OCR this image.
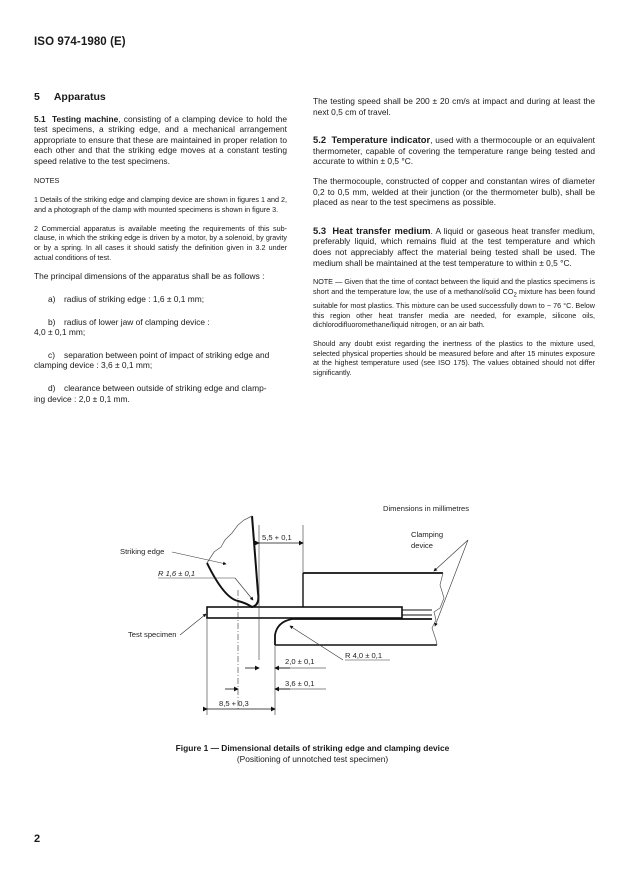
ISO 974-1980 (E)
5 Apparatus

5.1 Testing machine, consisting of a clamping device to hold the test specimens, a striking edge, and a mechanical arrangement appropriate to ensure that these are maintained in proper relation to each other and that the striking edge moves at a constant testing speed relative to the test specimens.

NOTES

1 Details of the striking edge and clamping device are shown in figures 1 and 2, and a photograph of the clamp with mounted specimens is shown in figure 3.

2 Commercial apparatus is available meeting the requirements of this sub-clause, in which the striking edge is driven by a motor, by a solenoid, by gravity or by a spring. In all cases it should satisfy the definition given in 3.2 under actual conditions of test.

The principal dimensions of the apparatus shall be as follows :

a) radius of striking edge : 1,6 ± 0,1 mm;
b) radius of lower jaw of clamping device :
4,0 ± 0,1 mm;
c) separation between point of impact of striking edge and
clamping device : 3,6 ± 0,1 mm;
d) clearance between outside of striking edge and clamp-
ing device : 2,0 ± 0,1 mm.

The testing speed shall be 200 ± 20 cm/s at impact and during at least the next 0,5 cm of travel.

5.2 Temperature indicator, used with a thermocouple or an equivalent thermometer, capable of covering the temperature range being tested and accurate to within ± 0,5 °C.

The thermocouple, constructed of copper and constantan wires of diameter 0,2 to 0,5 mm, welded at their junction (or the thermometer bulb), shall be placed as near to the test specimens as possible.

5.3 Heat transfer medium. A liquid or gaseous heat transfer medium, preferably liquid, which remains fluid at the test temperature and which does not appreciably affect the material being tested shall be used. The medium shall be maintained at the test temperature to within ± 0,5 °C.

NOTE — Given that the time of contact between the liquid and the plastics specimens is short and the temperature low, the use of a methanol/solid $CO_2$ mixture has been found suitable for most plastics. This mixture can be used successfully down to − 76 °C. Below this region other heat transfer media are needed, for example, silicone oils, dichlorodifluoromethane/liquid nitrogen, or an air bath.

Should any doubt exist regarding the inertness of the plastics to the mixture used, selected physical properties should be measured before and after 15 minutes exposure at the highest temperature used (see ISO 175). The values obtained should not differ significantly.

Dimensions in millimetres
5,5 + 0,1
2,0 ± 0,1
3,6 ± 0,1
8,5 + 0,3
R 1,6 ± 0,1
Striking edge
Test specimen
R 4,0 ± 0,1
Clamping
device
Figure 1 — Dimensional details of striking edge and clamping device
(Positioning of unnotched test specimen)
2
